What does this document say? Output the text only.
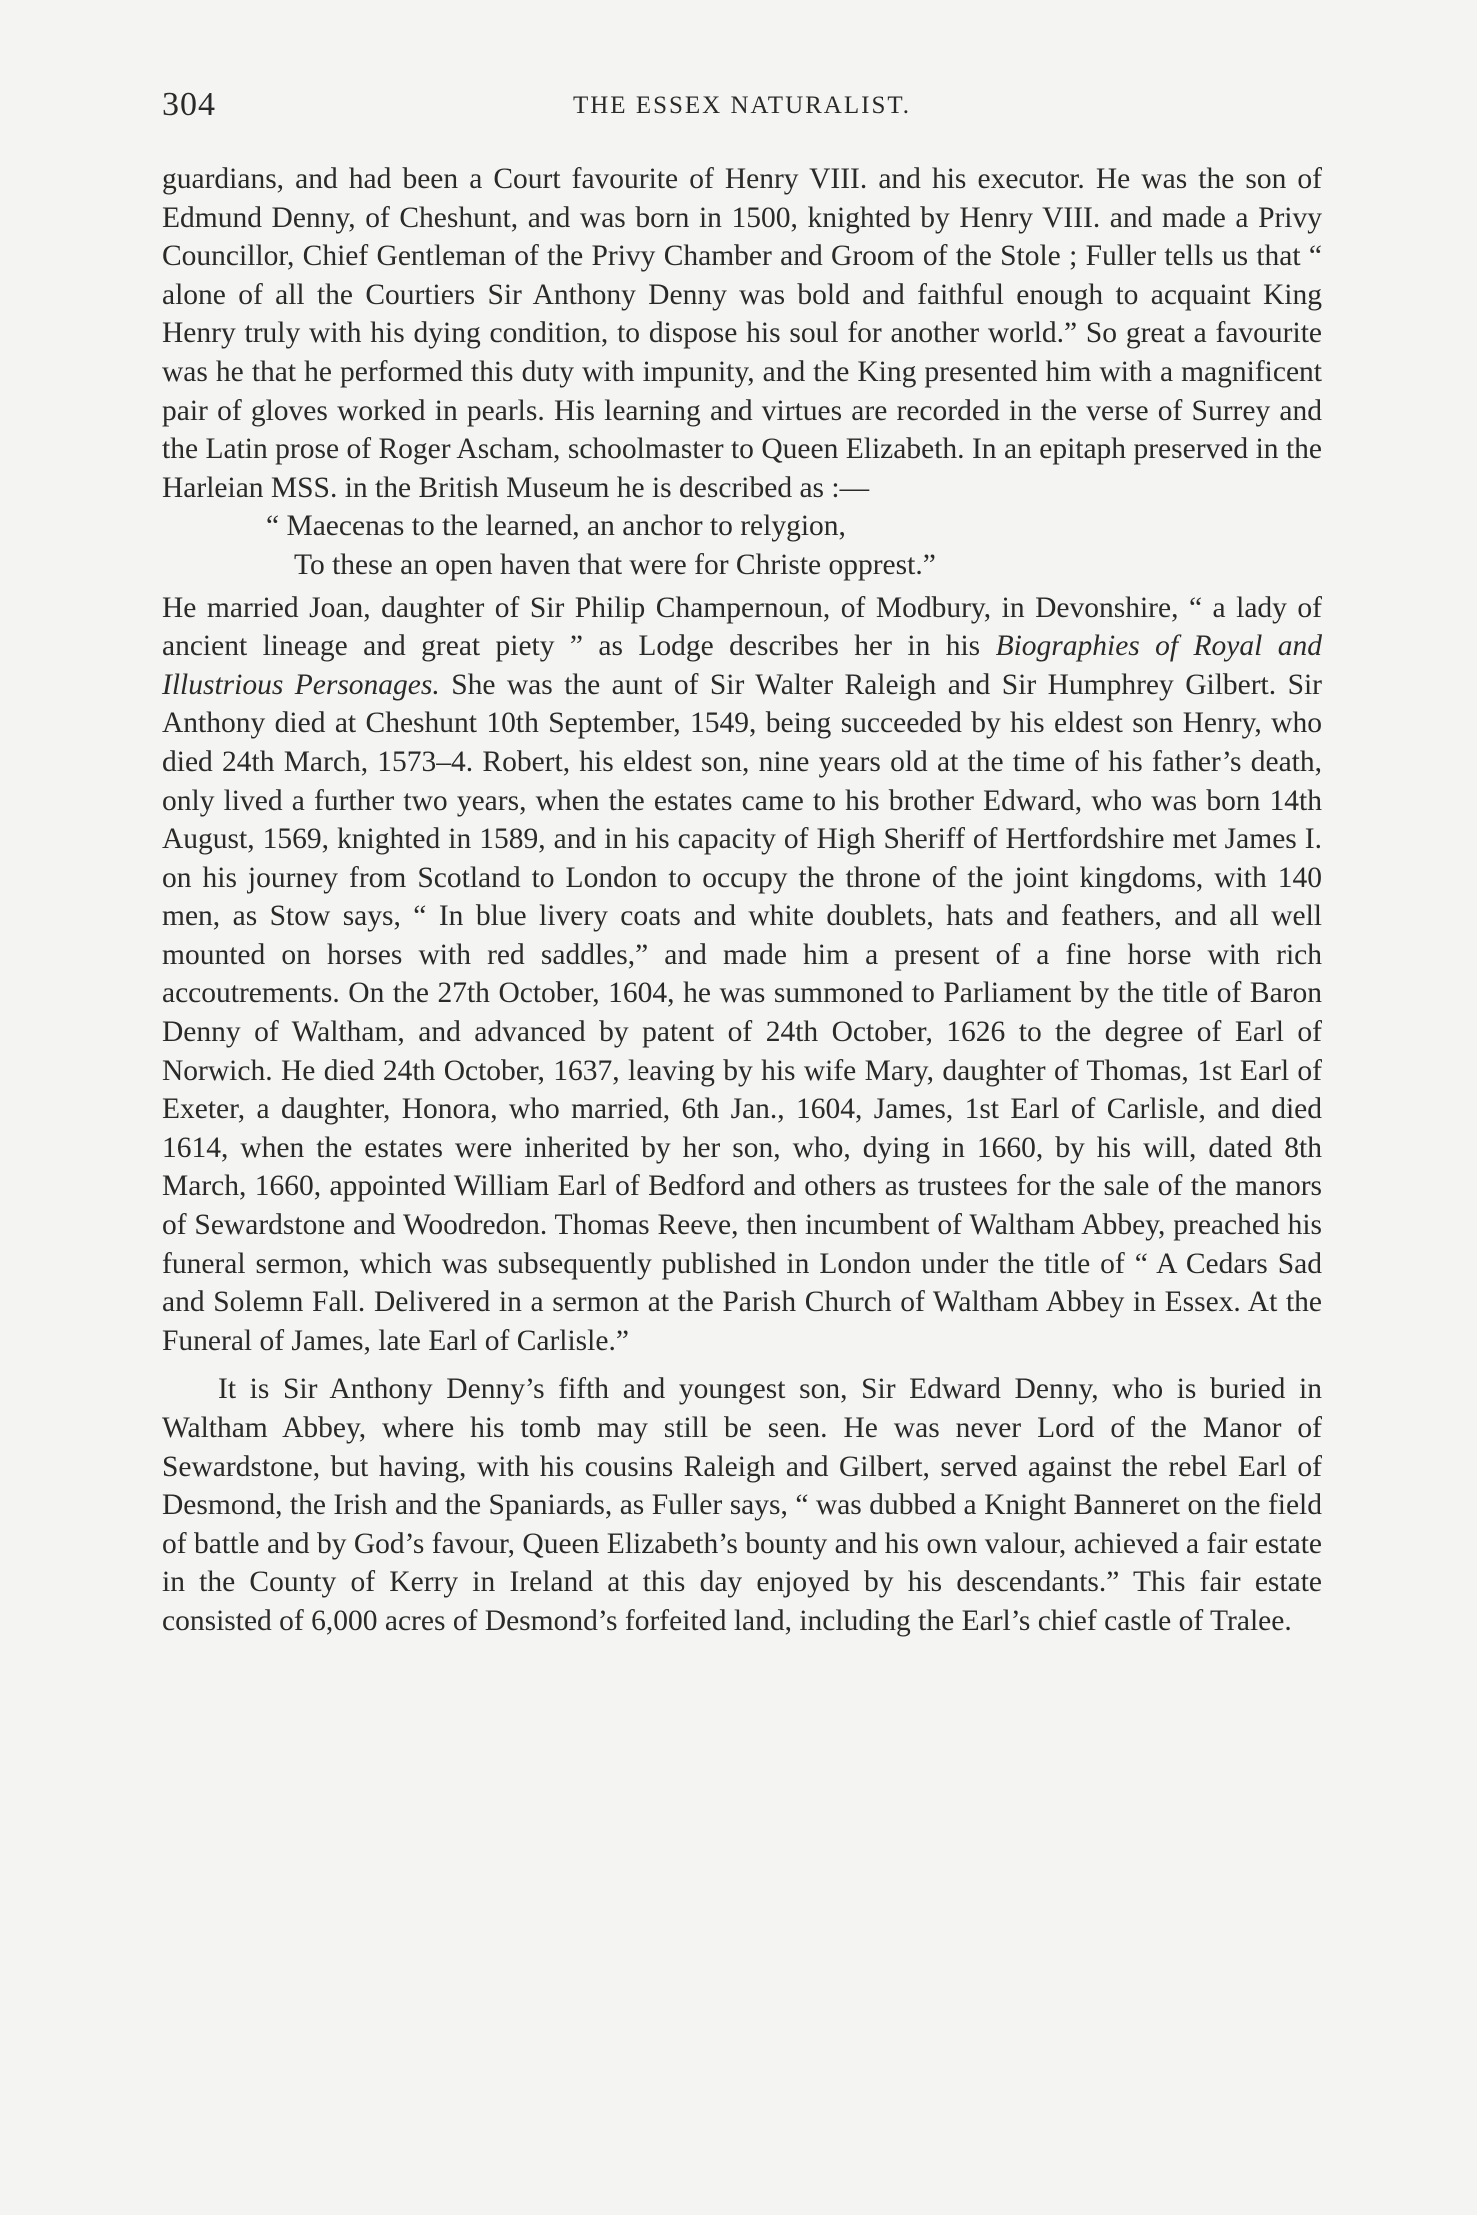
304	THE ESSEX NATURALIST.

guardians, and had been a Court favourite of Henry VIII. and his executor. He was the son of Edmund Denny, of Cheshunt, and was born in 1500, knighted by Henry VIII. and made a Privy Councillor, Chief Gentleman of the Privy Chamber and Groom of the Stole ; Fuller tells us that “ alone of all the Courtiers Sir Anthony Denny was bold and faithful enough to acquaint King Henry truly with his dying condition, to dispose his soul for another world.” So great a favourite was he that he performed this duty with impunity, and the King presented him with a magnificent pair of gloves worked in pearls. His learning and virtues are recorded in the verse of Surrey and the Latin prose of Roger Ascham, schoolmaster to Queen Elizabeth. In an epitaph preserved in the Harleian MSS. in the British Museum he is described as :—

“ Maecenas to the learned, an anchor to relygion,
To these an open haven that were for Christe opprest.”

He married Joan, daughter of Sir Philip Champernoun, of Modbury, in Devonshire, “ a lady of ancient lineage and great piety ” as Lodge describes her in his Biographies of Royal and Illustrious Personages. She was the aunt of Sir Walter Raleigh and Sir Humphrey Gilbert. Sir Anthony died at Cheshunt 10th September, 1549, being succeeded by his eldest son Henry, who died 24th March, 1573–4. Robert, his eldest son, nine years old at the time of his father’s death, only lived a further two years, when the estates came to his brother Edward, who was born 14th August, 1569, knighted in 1589, and in his capacity of High Sheriff of Hertfordshire met James I. on his journey from Scotland to London to occupy the throne of the joint kingdoms, with 140 men, as Stow says, “ In blue livery coats and white doublets, hats and feathers, and all well mounted on horses with red saddles,” and made him a present of a fine horse with rich accoutrements. On the 27th October, 1604, he was summoned to Parliament by the title of Baron Denny of Waltham, and advanced by patent of 24th October, 1626 to the degree of Earl of Norwich. He died 24th October, 1637, leaving by his wife Mary, daughter of Thomas, 1st Earl of Exeter, a daughter, Honora, who married, 6th Jan., 1604, James, 1st Earl of Carlisle, and died 1614, when the estates were inherited by her son, who, dying in 1660, by his will, dated 8th March, 1660, appointed William Earl of Bedford and others as trustees for the sale of the manors of Sewardstone and Woodredon. Thomas Reeve, then incumbent of Waltham Abbey, preached his funeral sermon, which was subsequently published in London under the title of “ A Cedars Sad and Solemn Fall. Delivered in a sermon at the Parish Church of Waltham Abbey in Essex. At the Funeral of James, late Earl of Carlisle.”

It is Sir Anthony Denny’s fifth and youngest son, Sir Edward Denny, who is buried in Waltham Abbey, where his tomb may still be seen. He was never Lord of the Manor of Sewardstone, but having, with his cousins Raleigh and Gilbert, served against the rebel Earl of Desmond, the Irish and the Spaniards, as Fuller says, “ was dubbed a Knight Banneret on the field of battle and by God’s favour, Queen Elizabeth’s bounty and his own valour, achieved a fair estate in the County of Kerry in Ireland at this day enjoyed by his descendants.” This fair estate consisted of 6,000 acres of Desmond’s forfeited land, including the Earl’s chief castle of Tralee.
